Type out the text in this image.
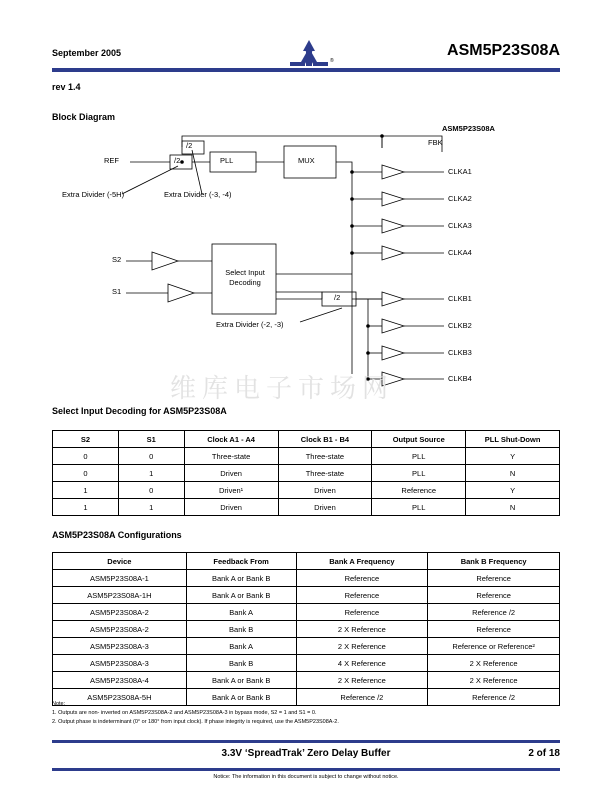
September 2005	ASM5P23S08A
®
rev 1.4
Block Diagram
ASM5P23S08A
REF	/2
/2
PLL	MUX
FBK
Extra Divider (-5H)	Extra Divider (-3, -4)
Extra Divider (-2, -3)
S2
S1
Select Input Decoding
/2
CLKA1
CLKA2
CLKA3
CLKA4
CLKB1
CLKB2
CLKB3
CLKB4
维库电子市场网
Select Input Decoding for ASM5P23S08A
S2	S1	Clock A1 - A4	Clock B1 - B4	Output Source	PLL Shut-Down
0	0	Three-state	Three-state	PLL	Y
0	1	Driven	Three-state	PLL	N
1	0	Driven¹	Driven	Reference	Y
1	1	Driven	Driven	PLL	N
ASM5P23S08A Configurations
Device	Feedback From	Bank A Frequency	Bank B Frequency
ASM5P23S08A-1	Bank A or Bank B	Reference	Reference
ASM5P23S08A-1H	Bank A or Bank B	Reference	Reference
ASM5P23S08A-2	Bank A	Reference	Reference /2
ASM5P23S08A-2	Bank B	2 X Reference	Reference
ASM5P23S08A-3	Bank A	2 X Reference	Reference or Reference²
ASM5P23S08A-3	Bank B	4 X Reference	2 X Reference
ASM5P23S08A-4	Bank A or Bank B	2 X Reference	2 X Reference
ASM5P23S08A-5H	Bank A or Bank B	Reference /2	Reference /2
Note:
1. Outputs are non- inverted on ASM5P23S08A-2 and ASM5P23S08A-3 in bypass mode, S2 = 1 and S1 = 0.
2. Output phase is indeterminant (0° or 180° from input clock). If phase integrity is required, use the ASM5P23S08A-2.
3.3V ‘SpreadTrak’ Zero Delay Buffer	2 of 18
Notice: The information in this document is subject to change without notice.
